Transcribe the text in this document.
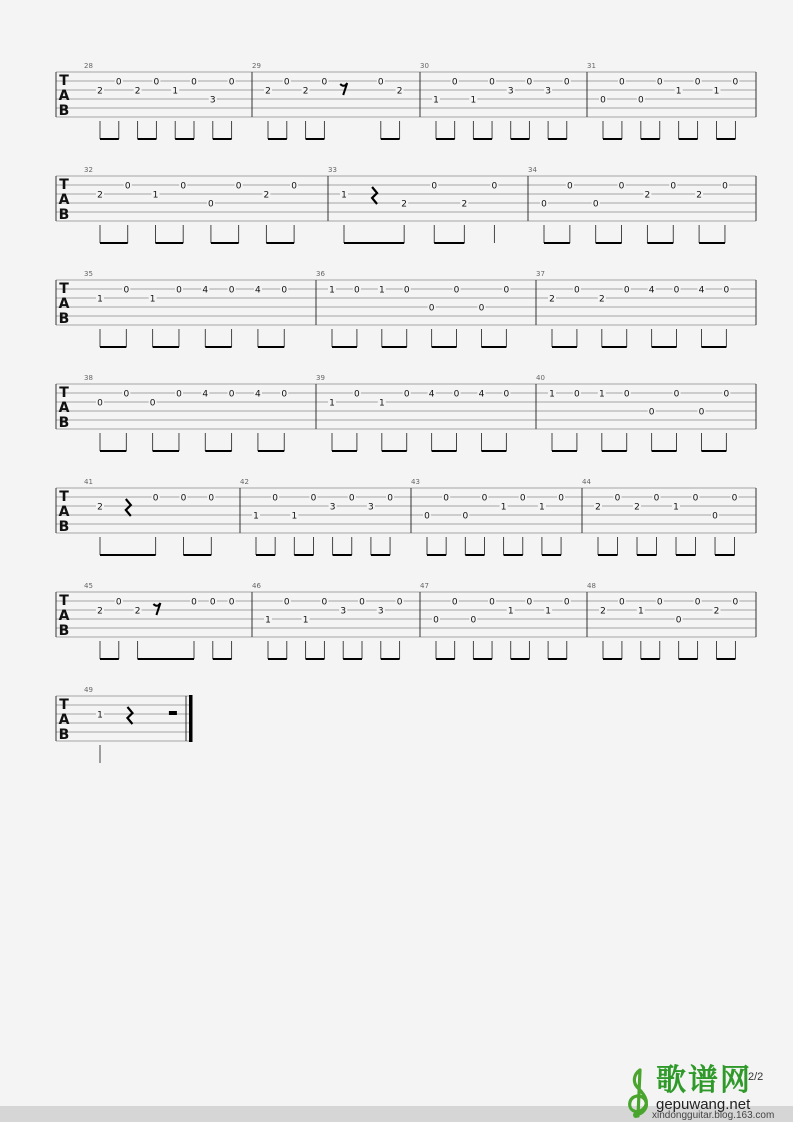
T
A
B
28
2
0
2
0
1
0
3
0
29
2
0
2
0	0
2
30
1
0
1
0
3
0
3
0
31
0
0
0
0
1
0
1
0
T
A
B
32
2
0
1
0
0
0
2
0
33
1
2
0
2
0
34
0
0
0
0
2
0
2
0
T
A
B
35
1
0
1
0 4 0 4 0
36
1 0 1 0
0
0
0
0
37
2
0
2
0 4 0 4 0
T
A
B
38
0
0
0
0 4 0 4 0
39
1
0
1
0 4 0 4 0
40
1 0 1 0
0
0
0
0
T
A
B
41
2
0 0 0
42
1
0
1
0
3
0
3
0
43
0
0
0
0
1
0
1
0
44
2
0
2
0
1
0
0
0
T
A
B
45
2
0
2
0 0 0
46
1
0
1
0
3
0
3
0
47
0
0
0
0
1
0
1
0
48
2
0
1
0
0
0
2
0
T
A
B
49
1
2/2
歌谱网
gepuwang.net
xindongguitar.blog.163.com
